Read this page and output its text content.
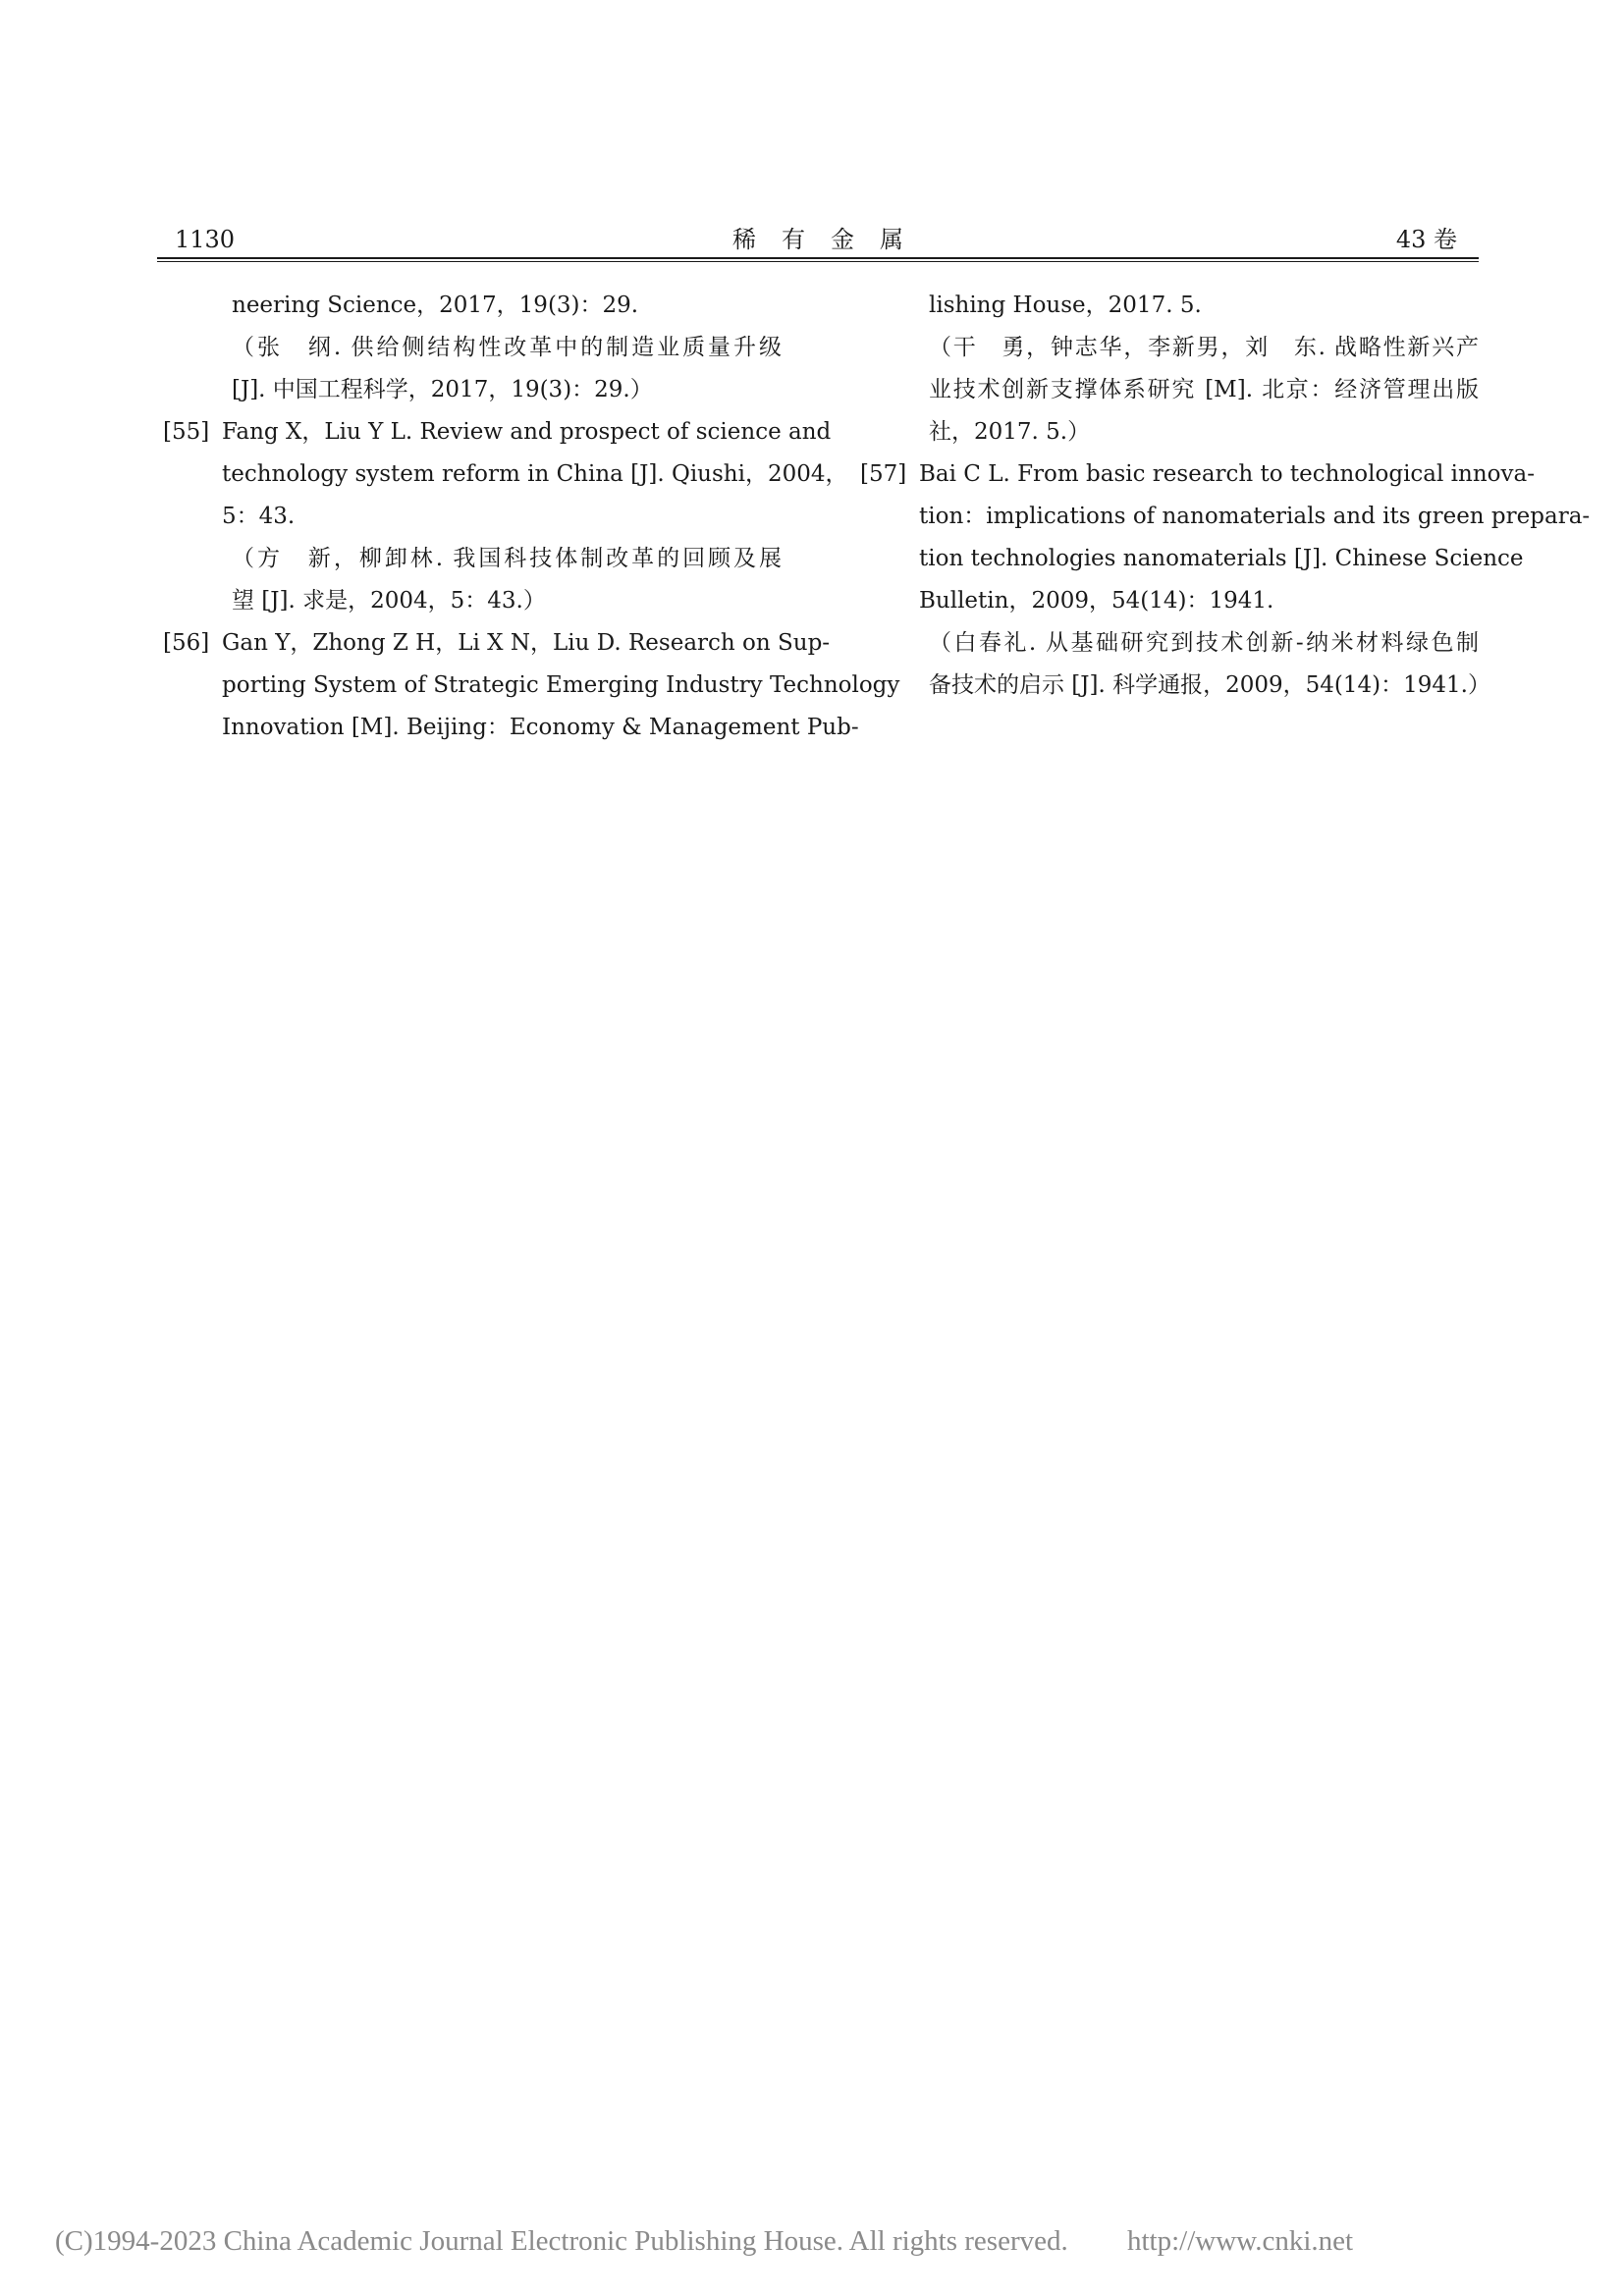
1130	稀有金属	43 卷
neering Science，2017，19(3)：29.
（张　纲. 供给侧结构性改革中的制造业质量升级
[J]. 中国工程科学，2017，19(3)：29.）
[55] Fang X，Liu Y L. Review and prospect of science and
technology system reform in China [J]. Qiushi，2004，
5：43.
（方　新，柳卸林. 我国科技体制改革的回顾及展
望 [J]. 求是，2004，5：43.）
[56] Gan Y，Zhong Z H，Li X N，Liu D. Research on Sup-
porting System of Strategic Emerging Industry Technology
Innovation [M]. Beijing：Economy & Management Pub-
lishing House，2017. 5.
（干　勇，钟志华，李新男，刘　东. 战略性新兴产
业技术创新支撑体系研究 [M]. 北京：经济管理出版
社，2017. 5.）
[57] Bai C L. From basic research to technological innova-
tion：implications of nanomaterials and its green prepara-
tion technologies nanomaterials [J]. Chinese Science
Bulletin，2009，54(14)：1941.
（白春礼. 从基础研究到技术创新-纳米材料绿色制
备技术的启示 [J]. 科学通报，2009，54(14)：1941.）
(C)1994-2023 China Academic Journal Electronic Publishing House. All rights reserved. http://www.cnki.net
